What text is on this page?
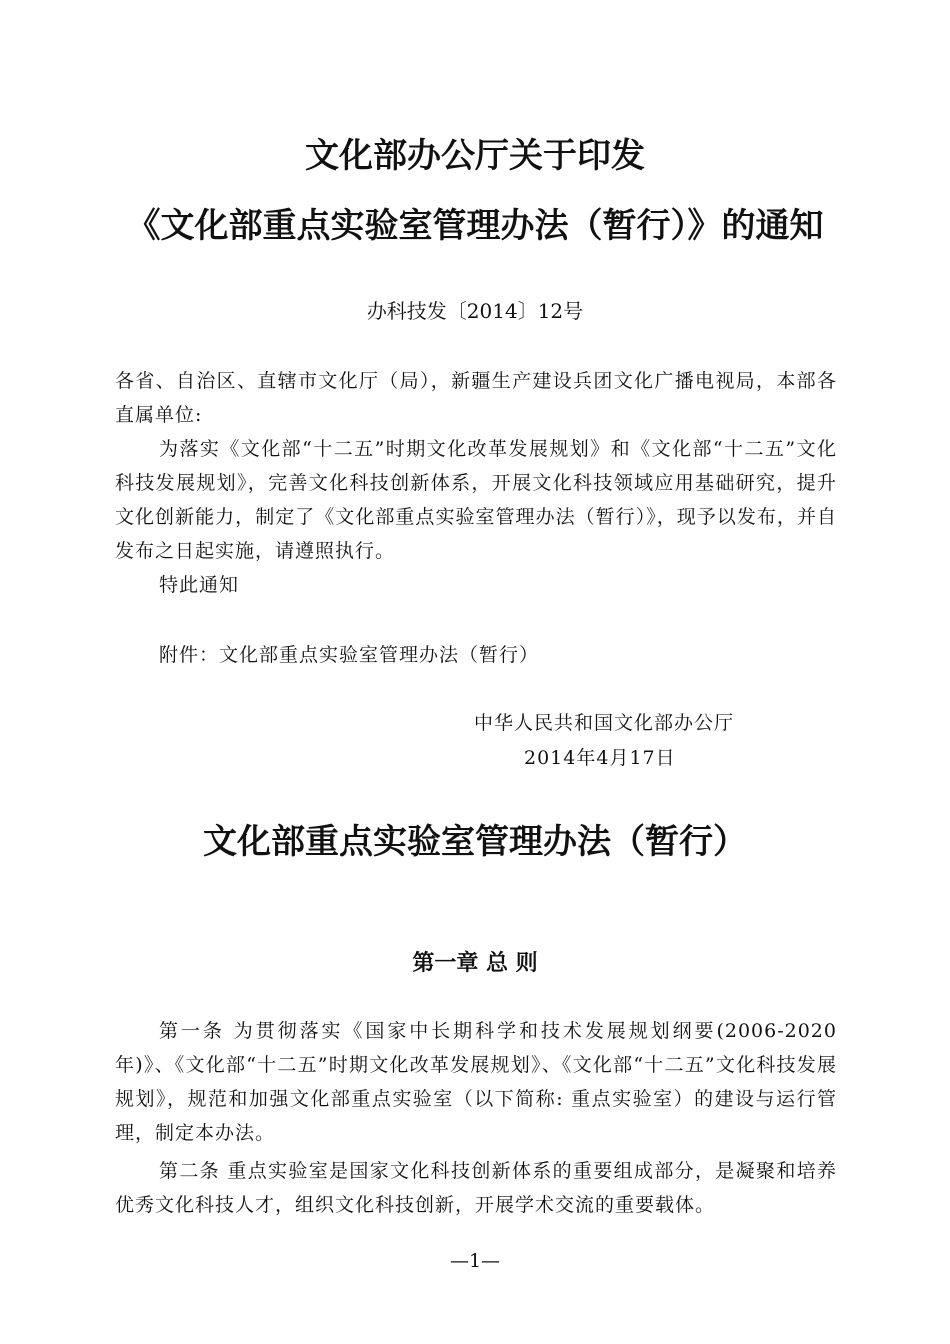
文化部办公厅关于印发
《文化部重点实验室管理办法（暂行）》的通知
办科技发〔2014〕12号

各省、自治区、直辖市文化厅（局），新疆生产建设兵团文化广播电视局，本部各直属单位:

为落实《文化部“十二五”时期文化改革发展规划》和《文化部“十二五”文化科技发展规划》，完善文化科技创新体系，开展文化科技领域应用基础研究，提升文化创新能力，制定了《文化部重点实验室管理办法（暂行）》，现予以发布，并自发布之日起实施，请遵照执行。

特此通知

附件：文化部重点实验室管理办法（暂行）
中华人民共和国文化部办公厅
2014年4月17日
文化部重点实验室管理办法（暂行）
第一章 总 则

第一条 为贯彻落实《国家中长期科学和技术发展规划纲要(2006-2020年)》、《文化部“十二五”时期文化改革发展规划》、《文化部“十二五”文化科技发展规划》，规范和加强文化部重点实验室（以下简称: 重点实验室）的建设与运行管理，制定本办法。

第二条 重点实验室是国家文化科技创新体系的重要组成部分，是凝聚和培养优秀文化科技人才，组织文化科技创新，开展学术交流的重要载体。

—1—
